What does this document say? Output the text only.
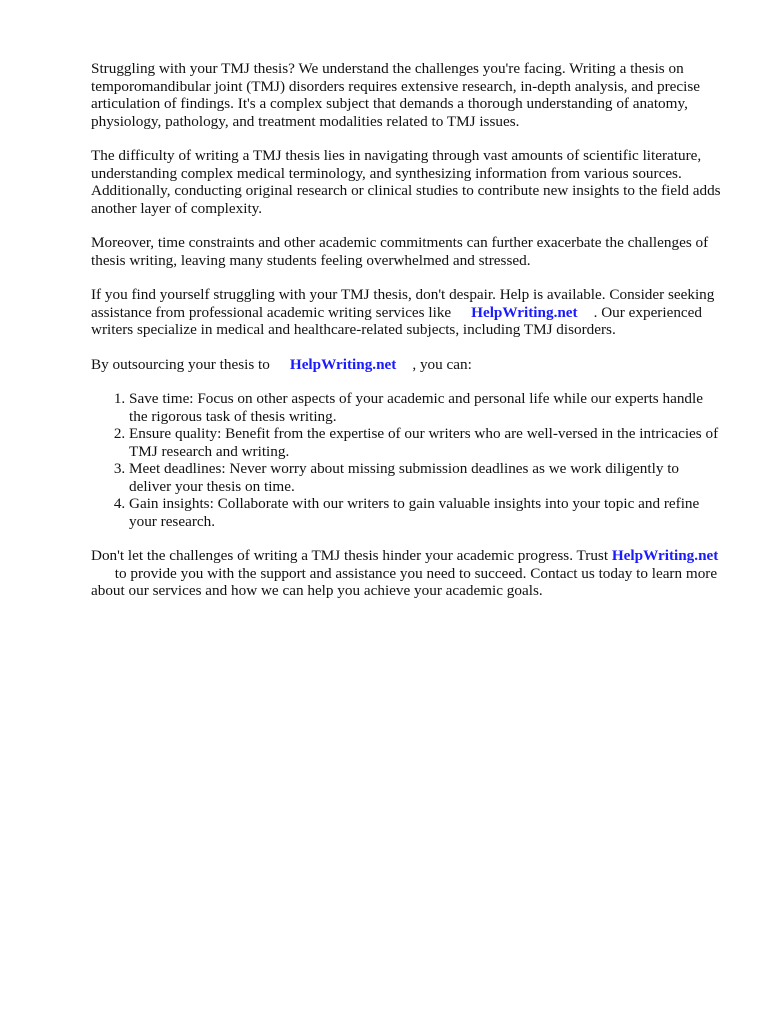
Struggling with your TMJ thesis? We understand the challenges you're facing. Writing a thesis on temporomandibular joint (TMJ) disorders requires extensive research, in-depth analysis, and precise articulation of findings. It's a complex subject that demands a thorough understanding of anatomy, physiology, pathology, and treatment modalities related to TMJ issues.

The difficulty of writing a TMJ thesis lies in navigating through vast amounts of scientific literature, understanding complex medical terminology, and synthesizing information from various sources. Additionally, conducting original research or clinical studies to contribute new insights to the field adds another layer of complexity.

Moreover, time constraints and other academic commitments can further exacerbate the challenges of thesis writing, leaving many students feeling overwhelmed and stressed.

If you find yourself struggling with your TMJ thesis, don't despair. Help is available. Consider seeking assistance from professional academic writing services like HelpWriting.net . Our experienced writers specialize in medical and healthcare-related subjects, including TMJ disorders.

By outsourcing your thesis to HelpWriting.net , you can:

1. Save time: Focus on other aspects of your academic and personal life while our experts handle the rigorous task of thesis writing.
2. Ensure quality: Benefit from the expertise of our writers who are well-versed in the intricacies of TMJ research and writing.
3. Meet deadlines: Never worry about missing submission deadlines as we work diligently to deliver your thesis on time.
4. Gain insights: Collaborate with our writers to gain valuable insights into your topic and refine your research.

Don't let the challenges of writing a TMJ thesis hinder your academic progress. Trust HelpWriting.net to provide you with the support and assistance you need to succeed. Contact us today to learn more about our services and how we can help you achieve your academic goals.
